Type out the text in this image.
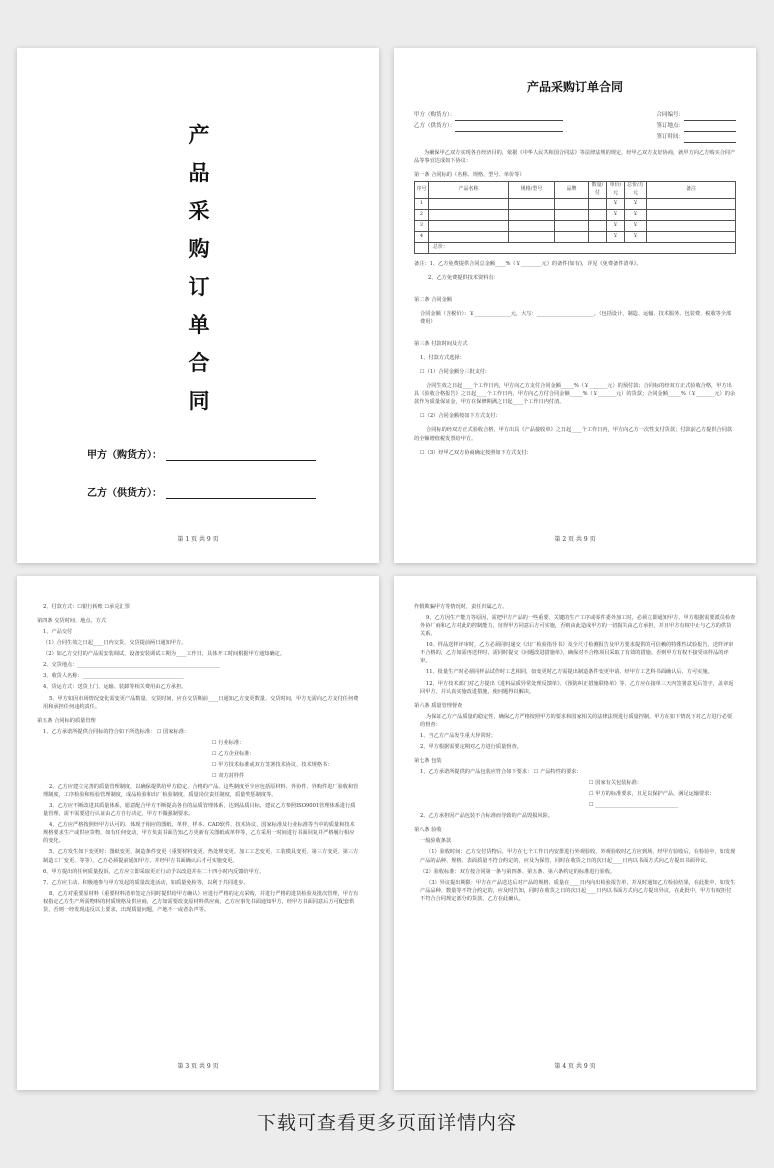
产
品
采
购
订
单
合
同
甲方（购货方）：
乙方（供货方）：
第 1 页 共 9 页
产品采购订单合同
甲方（购货方）：	合同编号：
乙方（供货方）：	签订地点：
签订时间：

为确保甲乙双方实现各自经济目的，依据《中华人民共和国合同法》等法律法规的规定，经甲乙双方友好协商，就甲方向乙方购买合同产品等事宜达成如下协议：

第一条 合同标的（名称、规格、型号、单价等）

序号	产品名称	规格/型号	品牌	数量/付	单价/元	总价/万元	备注
1					￥	￥	
2					￥	￥	
3					￥	￥	
4					￥	￥	
	总价：						

备注：1、乙方免费提供合同总金额____%（￥________元）的备件(如有)，详见《免费备件清单》。

2、乙方免费提供技术资料有：

第二条 合同金额

合同金额（含税价）：￥______________元，大写：______________________。（包括设计、制造、运输、技术服务、包装费、税收等全部费用）

第三条 付款时间及方式

1、付款方式选择：

☐（1）合同金额分三批支付:

合同生效之日起____个工作日内，甲方向乙方支付合同金额_____%（￥_______元）的预付款；合同标的经双方正式验收合格，甲方出具《验收合格报告》之日起____个工作日内，甲方向乙方付合同金额_____%（￥_______元）的货款；合同金额_____%（￥_______元）的余款作为质量保证金，甲方在保修期满之日起____个工作日内付清。

☐（2）合同金额按如下方式支付:

合同标的经双方正式验收合格，甲方出具《产品接收单》之日起____个工作日内，甲方向乙方一次性支付货款；付款前乙方提供合同款的全额增值税发票给甲方。

☐（3）经甲乙双方协商确定按照如下方式支付：

第 2 页 共 9 页

2、付款方式：☐银行转账 ☐承兑汇票

第四条 交货时间、地点、方式

1、产品交付

（1）合同生效之日起____日内交货，交货提前两日通知甲方。

（2）如乙方交付的产品需安装调试，设备安装调试工期为____工作日，具体开工时间根据甲方通知确定。

2、交货地点：_______________________________________________________

3、收货人名称：_______________________________________

4、货运方式：送货上门、运输、装卸等相关费用由乙方承担。

5、甲方如因市场情况变化需变更产品数量、交货时间，应在交货期前____日通知乙方变更数量、交货时间，甲方无需向乙方支付任何费用和承担任何违约责任。

第五条 合同标的质量管理

1、乙方承诺所提供合同标的符合如下所选标准： ☐ 国家标准：

☐ 行业标准：

☐ 乙方企业标准：

☐ 甲方技术标准或双方签署技术协议、技术规格书：

☐ 双方封样件

2、乙方应建立完善的质量管理制度，以确保提供给甲方稳定、合格的产品，这些制度至少应包括原材料、外协件、外购件进厂验收和管理制度，工序检验和检验管理制度，成品检验和出厂检验制度，质量岗位责任制度，质量奖惩制度等。

3、乙方应不断改进其质量体系，愿意配合甲方不断提高各自的品质管理体系，达到品质目标，建议乙方参照ISO9001管理体系进行质量管理，需不需要进行认证由乙方自行决定，甲方不做强制要求。

4、乙方应严格按照经甲方认可的、体现于相应的图纸、革样、样本、CAD软件、技术协议、国家标准及行业标准等当中的质量和技术规格要求生产或供应货物，如有任何变动，甲方负责书面告知乙方更新有关图纸或革样等，乙方采用一时间进行书面回复并严格履行相应的变化。

5、乙方发生如下变更时：图纸变更、制造条件变更（重要材料变更、热处理变更、加工工艺变更、工装模具变更、第三方变更、第三方制造工厂变更、等等），乙方必须提前通知甲方，并经甲方书面确认后才可实施变更。

6、甲方提出的任何质量投诉，乙方应立即采取更正行动予以改进并在二十四小时内反馈给甲方。

7、乙方应主动、积极地参与甲方发起的质量改进活动，如质量免检等，以利于共同进步。

8、乙方对重要原材料（重要材料清单签定合同时提供给甲方确认）应进行严格的定点采购，并进行严格的进货检验及批次管理，甲方有权指定乙方生产所需物料的材质规格及供应商，乙方如需要改变原材料供应商，乙方应事先书面通知甲方，经甲方书面同意后方可配套供货，否则一经发现违反以上要求，出现质量问题，产地不一或者杂声等。

第 3 页 共 9 页

作假欺骗甲方等情况时，责任归属乙方。

9、乙方因生产能力等原因，需把甲方产品的一些重要、关键的生产工序或零件委外加工时，必须立即通知甲方，甲方根据需要派员检查外协厂商和乙方对此的控制能力，征得甲方同意后方可实施，否则由此造成甲方的一切损失由乙方承担，并且甲方有权中止与乙方的供货关系。

10、样品送样评审时，乙方必须同时递交《出厂检验指导书》及全尺寸检测报告及甲方要求提供的可信赖的特殊性试验报告，送样评审不合格的，乙方如需再送样时，需同时提交《问题改进措施单》，确保对不合格项目采取了有效的措施。否则甲方有权不接受该样品的评审。

11、批量生产时必须同样品试作时工艺相同，如变更时乙方需提出制造条件变更申请，经甲方工艺科书面确认后，方可实施。

12、甲方技术部门对乙方提出《进料品质异常处理反馈单》、《预防纠正措施联络单》等，乙方应在接单三天内签署意见后签字，盖章返回甲方，并认真实施改进措施，使问题得以解决。

第六条 质量管理督查

为保证乙方产品质量的稳定性，确保乙方严格按照甲方的要求和国家相关的法律法规进行质量控制，甲方在如下情况下对乙方进行必要的督查：

1、当乙方产品发生重大异常时；

2、甲方根据需要定期对乙方进行质量督查。

第七条 包装

1、乙方承诺所提供的产品包装应符合如下要求： ☐ 产品特性的要求：

☐ 国家有关包装标准：

☐ 甲方的标准要求，且足以保护产品，满足运输要求：

☐ ________________________________

2、乙方承担因产品包装不合标准而导致的产品毁损风险。

第八条 验收

一般验收条款

（1）验收时间：乙方交付货物后，甲方在七个工作日内安排进行外观验收，外观验收时乙方应到场，经甲方验收后，在检验中，如发现产品的品种、规格、表面质量不符合约定的，应及为保管，同时在收货之日的次日起____日内以书面方式向乙方提出书面异议。

（2）验收标准：双方按合同第一条与第四条、第五条、第六条约定的标准进行验收。

（3）异议提出期限：甲方在产品送达后对产品的规格、质量在____日内向出检验报告单，并及时通知乙方检验结果，在此批中，如发生产品品种、数量等不符合约定的，应及时告知，同时在收货之日的次日起____日内以书面方式向乙方提出异议，在此批中，甲方有权拒付不符合合同规定部分的货款，乙方在此确认。

第 4 页 共 9 页
下载可查看更多页面详情内容
